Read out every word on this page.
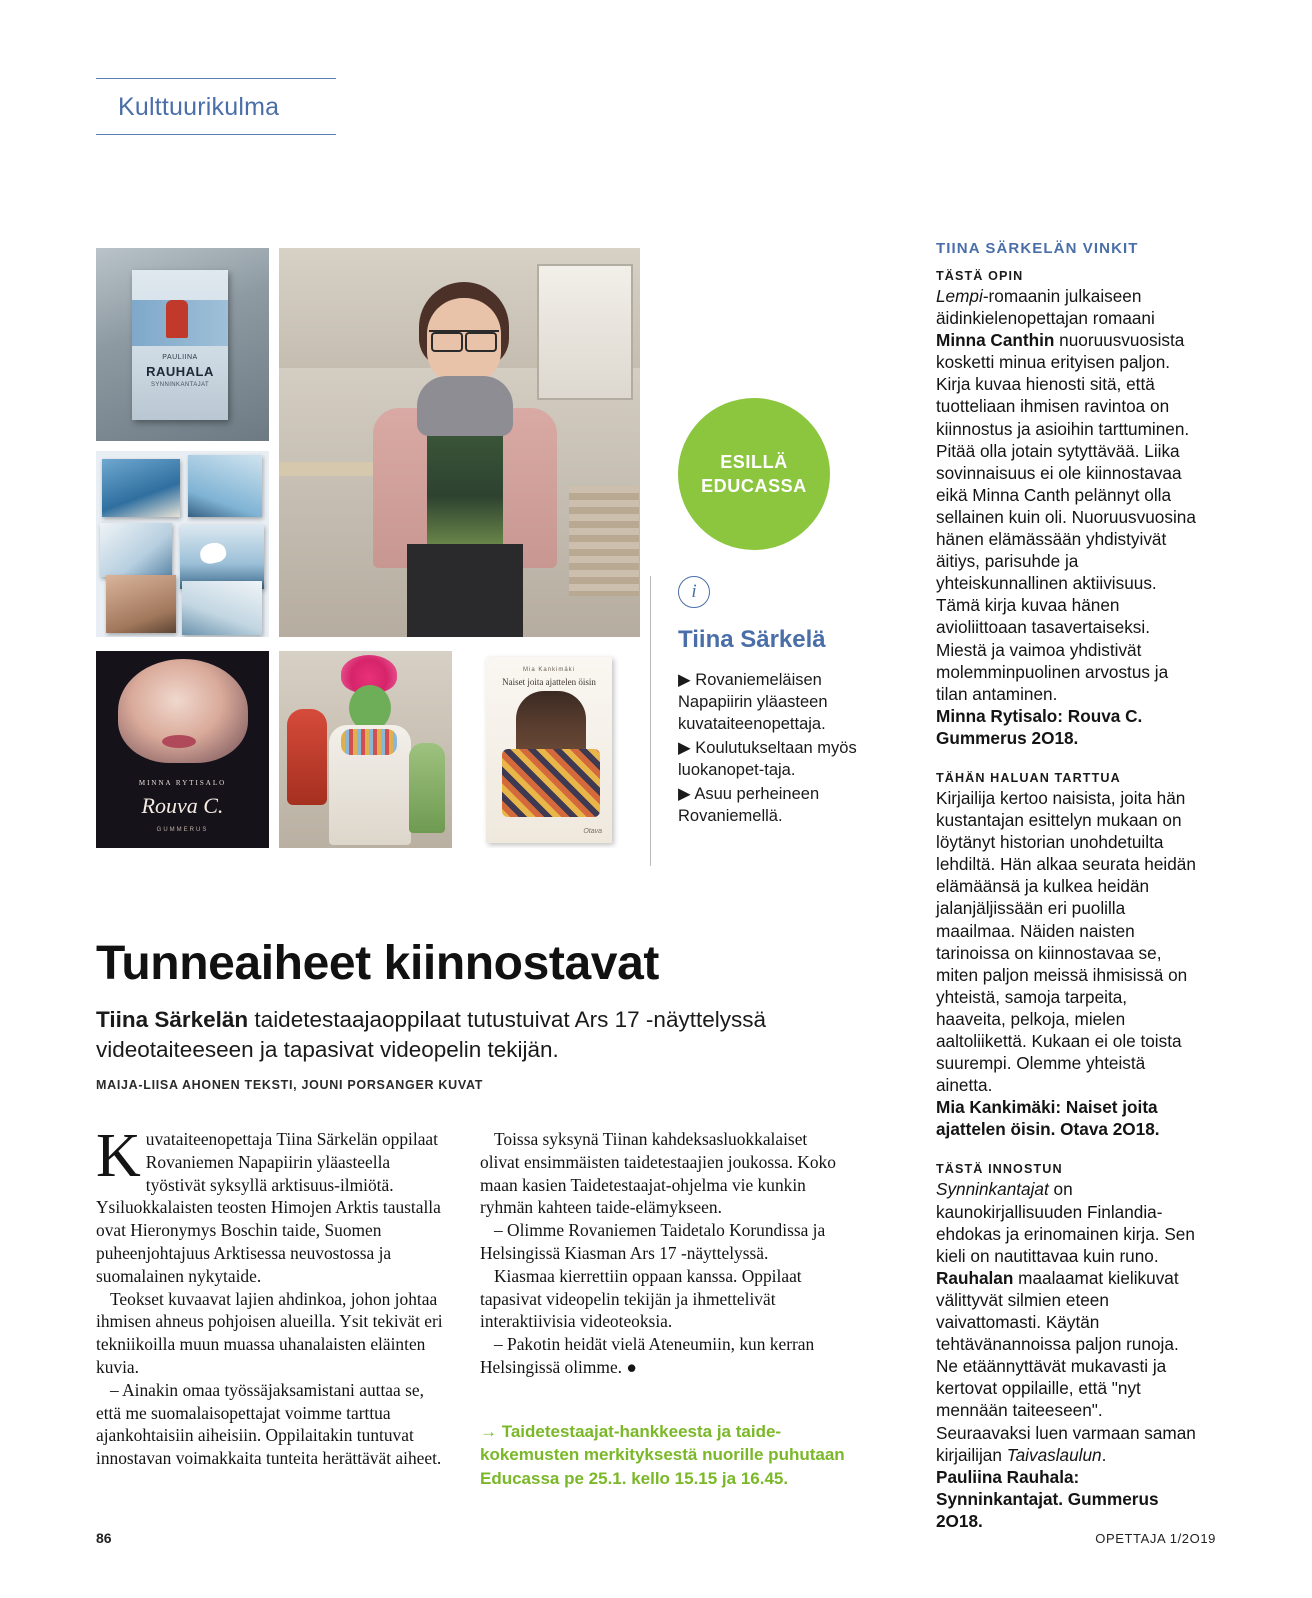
Kulttuurikulma
PAULIINA
RAUHALA
SYNNINKANTAJAT
MINNA RYTISALO
Rouva C.
GUMMERUS
Mia Kankimäki
Naiset joita ajattelen öisin
Otava
ESILLÄ
EDUCASSA
i
Tiina Särkelä
▶ Rovaniemeläisen Napapiirin yläasteen kuvataiteenopettaja.
▶ Koulutukseltaan myös luokanopet-taja.
▶ Asuu perheineen Rovaniemellä.
Tunneaiheet kiinnostavat
Tiina Särkelän taidetestaajaoppilaat tutustuivat Ars 17 -näyttelyssä videotaiteeseen ja tapasivat videopelin tekijän.
MAIJA-LIISA AHONEN TEKSTI, JOUNI PORSANGER KUVAT

Kuvataiteenopettaja Tiina Särkelän oppilaat Rovaniemen Napapiirin yläasteella työstivät syksyllä arktisuus-ilmiötä. Ysiluokkalaisten teosten Himojen Arktis taustalla ovat Hieronymys Boschin taide, Suomen puheenjohtajuus Arktisessa neuvostossa ja suomalainen nykytaide.

Teokset kuvaavat lajien ahdinkoa, johon johtaa ihmisen ahneus pohjoisen alueilla. Ysit tekivät eri tekniikoilla muun muassa uhanalaisten eläinten kuvia.

– Ainakin omaa työssäjaksamistani auttaa se, että me suomalaisopettajat voimme tarttua ajankohtaisiin aiheisiin. Oppilaitakin tuntuvat innostavan voimakkaita tunteita herättävät aiheet.

Toissa syksynä Tiinan kahdeksasluokkalaiset olivat ensimmäisten taidetestaajien joukossa. Koko maan kasien Taidetestaajat-ohjelma vie kunkin ryhmän kahteen taide-elämykseen.

– Olimme Rovaniemen Taidetalo Korundissa ja Helsingissä Kiasman Ars 17 -näyttelyssä.

Kiasmaa kierrettiin oppaan kanssa. Oppilaat tapasivat videopelin tekijän ja ihmettelivät interaktiivisia videoteoksia.

– Pakotin heidät vielä Ateneumiin, kun kerran Helsingissä olimme. ●

→ Taidetestaajat-hankkeesta ja taide-kokemusten merkityksestä nuorille puhutaan Educassa pe 25.1. kello 15.15 ja 16.45.
TIINA SÄRKELÄN VINKIT
TÄSTÄ OPIN

Lempi-romaanin julkaiseen äidinkielenopettajan romaani Minna Canthin nuoruusvuosista kosketti minua erityisen paljon. Kirja kuvaa hienosti sitä, että tuotteliaan ihmisen ravintoa on kiinnostus ja asioihin tarttuminen. Pitää olla jotain sytyttävää. Liika sovinnaisuus ei ole kiinnostavaa eikä Minna Canth pelännyt olla sellainen kuin oli. Nuoruusvuosina hänen elämässään yhdistyivät äitiys, parisuhde ja yhteiskunnallinen aktiivisuus. Tämä kirja kuvaa hänen avioliittoaan tasavertaiseksi. Miestä ja vaimoa yhdistivät molemminpuolinen arvostus ja tilan antaminen.

Minna Rytisalo: Rouva C. Gummerus 2O18.

TÄHÄN HALUAN TARTTUA

Kirjailija kertoo naisista, joita hän kustantajan esittelyn mukaan on löytänyt historian unohdetuilta lehdiltä. Hän alkaa seurata heidän elämäänsä ja kulkea heidän jalanjäljissään eri puolilla maailmaa. Näiden naisten tarinoissa on kiinnostavaa se, miten paljon meissä ihmisissä on yhteistä, samoja tarpeita, haaveita, pelkoja, mielen aaltoliikettä. Kukaan ei ole toista suurempi. Olemme yhteistä ainetta.

Mia Kankimäki: Naiset joita ajattelen öisin. Otava 2O18.

TÄSTÄ INNOSTUN

Synninkantajat on kaunokirjallisuuden Finlandia-ehdokas ja erinomainen kirja. Sen kieli on nautittavaa kuin runo. Rauhalan maalaamat kielikuvat välittyvät silmien eteen vaivattomasti. Käytän tehtävänannoissa paljon runoja. Ne etäännyttävät mukavasti ja kertovat oppilaille, että "nyt mennään taiteeseen". Seuraavaksi luen varmaan saman kirjailijan Taivaslaulun.

Pauliina Rauhala: Synninkantajat. Gummerus 2O18.

86	OPETTAJA 1/2O19
